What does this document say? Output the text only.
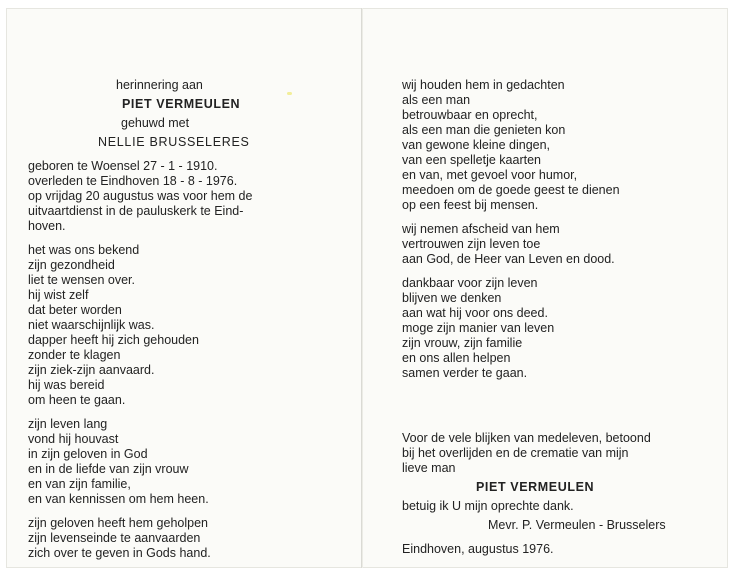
herinnering aan

PIET VERMEULEN

gehuwd met

NELLIE BRUSSELERES

geboren te Woensel 27 - 1 - 1910.

overleden te Eindhoven 18 - 8 - 1976.

op vrijdag 20 augustus was voor hem de

uitvaartdienst in de pauluskerk te Eind-

hoven.

het was ons bekend

zijn gezondheid

liet te wensen over.

hij wist zelf

dat beter worden

niet waarschijnlijk was.

dapper heeft hij zich gehouden

zonder te klagen

zijn ziek-zijn aanvaard.

hij was bereid

om heen te gaan.

zijn leven lang

vond hij houvast

in zijn geloven in God

en in de liefde van zijn vrouw

en van zijn familie,

en van kennissen om hem heen.

zijn geloven heeft hem geholpen

zijn levenseinde te aanvaarden

zich over te geven in Gods hand.

wij houden hem in gedachten

als een man

betrouwbaar en oprecht,

als een man die genieten kon

van gewone kleine dingen,

van een spelletje kaarten

en van, met gevoel voor humor,

meedoen om de goede geest te dienen

op een feest bij mensen.

wij nemen afscheid van hem

vertrouwen zijn leven toe

aan God, de Heer van Leven en dood.

dankbaar voor zijn leven

blijven we denken

aan wat hij voor ons deed.

moge zijn manier van leven

zijn vrouw, zijn familie

en ons allen helpen

samen verder te gaan.

Voor de vele blijken van medeleven, betoond

bij het overlijden en de crematie van mijn

lieve man

PIET VERMEULEN

betuig ik U mijn oprechte dank.

Mevr. P. Vermeulen - Brusselers

Eindhoven, augustus 1976.
